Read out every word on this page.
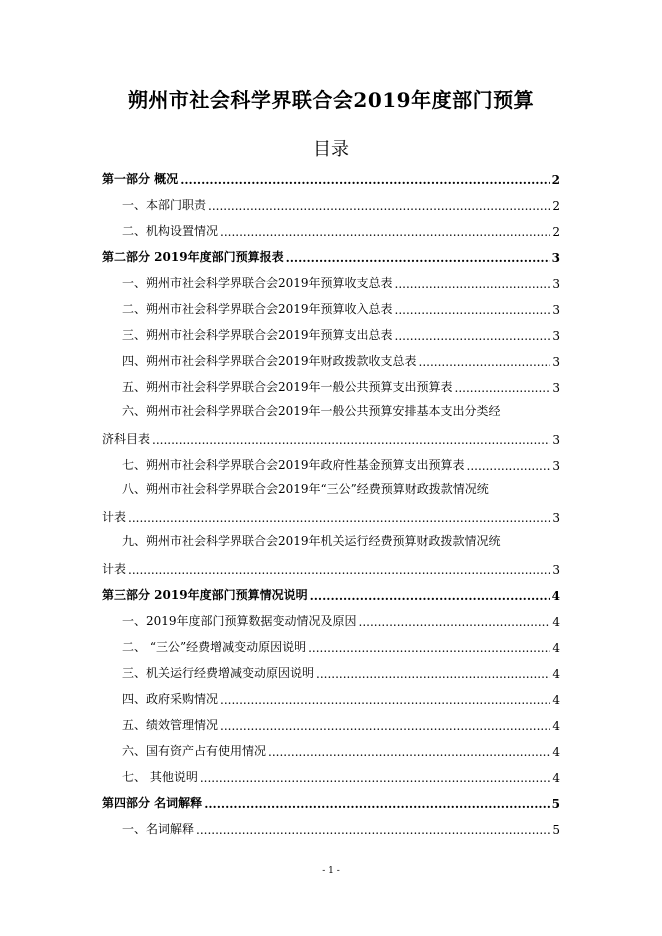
朔州市社会科学界联合会2019年度部门预算
目录
第一部分 概况 .....	2
一、本部门职责 .....	2
二、机构设置情况 .....	2
第二部分 2019年度部门预算报表 .....	3
一、朔州市社会科学界联合会2019年预算收支总表 .....	3
二、朔州市社会科学界联合会2019年预算收入总表 .....	3
三、朔州市社会科学界联合会2019年预算支出总表 .....	3
四、朔州市社会科学界联合会2019年财政拨款收支总表 .....	3
五、朔州市社会科学界联合会2019年一般公共预算支出预算表 .....	3
六、朔州市社会科学界联合会2019年一般公共预算安排基本支出分类经
济科目表 .....	3
七、朔州市社会科学界联合会2019年政府性基金预算支出预算表 .....	3
八、朔州市社会科学界联合会2019年“三公”经费预算财政拨款情况统
计表 .....	3
九、朔州市社会科学界联合会2019年机关运行经费预算财政拨款情况统
计表 .....	3
第三部分 2019年度部门预算情况说明 .....	4
一、2019年度部门预算数据变动情况及原因 .....	4
二、 “三公”经费增减变动原因说明 .....	4
三、机关运行经费增减变动原因说明 .....	4
四、政府采购情况 .....	4
五、绩效管理情况 .....	4
六、国有资产占有使用情况 .....	4
七、 其他说明 .....	4
第四部分 名词解释 .....	5
一、名词解释 .....	5
- 1 -
